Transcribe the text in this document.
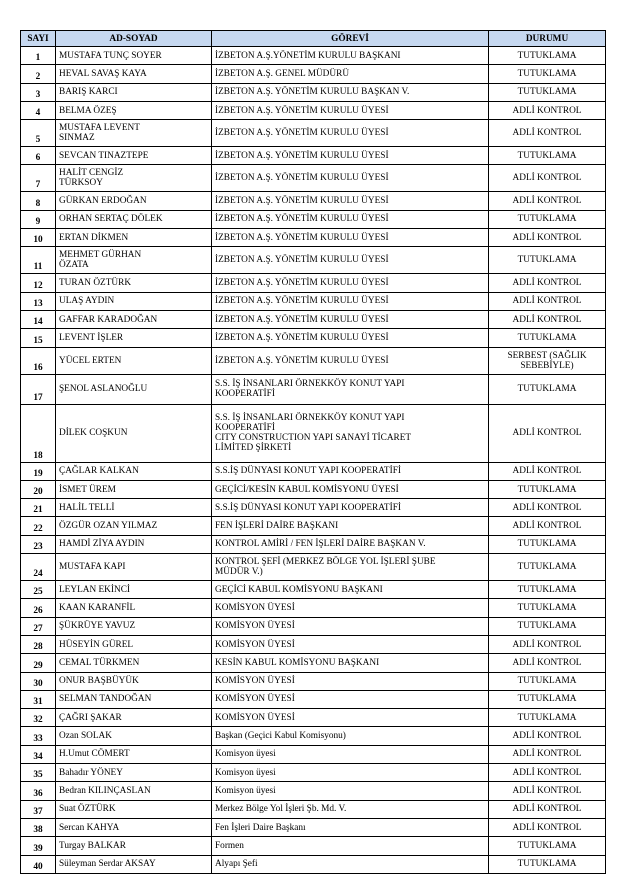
SAYI	AD-SOYAD	GÖREVİ	DURUMU

1	MUSTAFA TUNÇ SOYER	İZBETON A.Ş.YÖNETİM KURULU BAŞKANI	TUTUKLAMA

2	HEVAL SAVAŞ KAYA	İZBETON A.Ş. GENEL MÜDÜRÜ	TUTUKLAMA

3	BARIŞ KARCI	İZBETON A.Ş. YÖNETİM KURULU BAŞKAN V.	TUTUKLAMA

4	BELMA ÖZEŞ	İZBETON A.Ş. YÖNETİM KURULU ÜYESİ	ADLİ KONTROL

5	MUSTAFA LEVENT
SINMAZ	İZBETON A.Ş. YÖNETİM KURULU ÜYESİ	ADLİ KONTROL

6	SEVCAN TINAZTEPE	İZBETON A.Ş. YÖNETİM KURULU ÜYESİ	TUTUKLAMA

7	HALİT CENGİZ
TÜRKSOY	İZBETON A.Ş. YÖNETİM KURULU ÜYESİ	ADLİ KONTROL

8	GÜRKAN ERDOĞAN	İZBETON A.Ş. YÖNETİM KURULU ÜYESİ	ADLİ KONTROL

9	ORHAN SERTAÇ DÖLEK	İZBETON A.Ş. YÖNETİM KURULU ÜYESİ	TUTUKLAMA

10	ERTAN DİKMEN	İZBETON A.Ş. YÖNETİM KURULU ÜYESİ	ADLİ KONTROL

11	MEHMET GÜRHAN
ÖZATA	İZBETON A.Ş. YÖNETİM KURULU ÜYESİ	TUTUKLAMA

12	TURAN ÖZTÜRK	İZBETON A.Ş. YÖNETİM KURULU ÜYESİ	ADLİ KONTROL

13	ULAŞ AYDIN	İZBETON A.Ş. YÖNETİM KURULU ÜYESİ	ADLİ KONTROL

14	GAFFAR KARADOĞAN	İZBETON A.Ş. YÖNETİM KURULU ÜYESİ	ADLİ KONTROL

15	LEVENT İŞLER	İZBETON A.Ş. YÖNETİM KURULU ÜYESİ	TUTUKLAMA

16	YÜCEL ERTEN	İZBETON A.Ş. YÖNETİM KURULU ÜYESİ	SERBEST (SAĞLIK
SEBEBİYLE)

17	ŞENOL ASLANOĞLU	S.S. İŞ İNSANLARI ÖRNEKKÖY KONUT YAPI
KOOPERATİFİ	TUTUKLAMA

18	DİLEK COŞKUN	S.S. İŞ İNSANLARI ÖRNEKKÖY KONUT YAPI
KOOPERATİFİ
CITY CONSTRUCTION YAPI SANAYİ TİCARET
LİMİTED ŞİRKETİ	ADLİ KONTROL

19	ÇAĞLAR KALKAN	S.S.İŞ DÜNYASI KONUT YAPI KOOPERATİFİ	ADLİ KONTROL

20	İSMET ÜREM	GEÇİCİ/KESİN KABUL KOMİSYONU ÜYESİ	TUTUKLAMA

21	HALİL TELLİ	S.S.İŞ DÜNYASI KONUT YAPI KOOPERATİFİ	ADLİ KONTROL

22	ÖZGÜR OZAN YILMAZ	FEN İŞLERİ DAİRE BAŞKANI	ADLİ KONTROL

23	HAMDİ ZİYA AYDIN	KONTROL AMİRİ / FEN İŞLERİ DAİRE BAŞKAN V.	TUTUKLAMA

24	MUSTAFA KAPI	KONTROL ŞEFİ (MERKEZ BÖLGE YOL İŞLERİ ŞUBE
MÜDÜR V.)	TUTUKLAMA

25	LEYLAN EKİNCİ	GEÇİCİ KABUL KOMİSYONU BAŞKANI	TUTUKLAMA

26	KAAN KARANFİL	KOMİSYON ÜYESİ	TUTUKLAMA

27	ŞÜKRÜYE YAVUZ	KOMİSYON ÜYESİ	TUTUKLAMA

28	HÜSEYİN GÜREL	KOMİSYON ÜYESİ	ADLİ KONTROL

29	CEMAL TÜRKMEN	KESİN KABUL KOMİSYONU BAŞKANI	ADLİ KONTROL

30	ONUR BAŞBÜYÜK	KOMİSYON ÜYESİ	TUTUKLAMA

31	SELMAN TANDOĞAN	KOMİSYON ÜYESİ	TUTUKLAMA

32	ÇAĞRI ŞAKAR	KOMİSYON ÜYESİ	TUTUKLAMA

33	Ozan SOLAK	Başkan (Geçici Kabul Komisyonu)	ADLİ KONTROL

34	H.Umut CÖMERT	Komisyon üyesi	ADLİ KONTROL

35	Bahadır YÖNEY	Komisyon üyesi	ADLİ KONTROL

36	Bedran KILINÇASLAN	Komisyon üyesi	ADLİ KONTROL

37	Suat ÖZTÜRK	Merkez Bölge Yol İşleri Şb. Md. V.	ADLİ KONTROL

38	Sercan KAHYA	Fen İşleri Daire Başkanı	ADLİ KONTROL

39	Turgay BALKAR	Formen	TUTUKLAMA

40	Süleyman Serdar AKSAY	Alyapı Şefi	TUTUKLAMA
